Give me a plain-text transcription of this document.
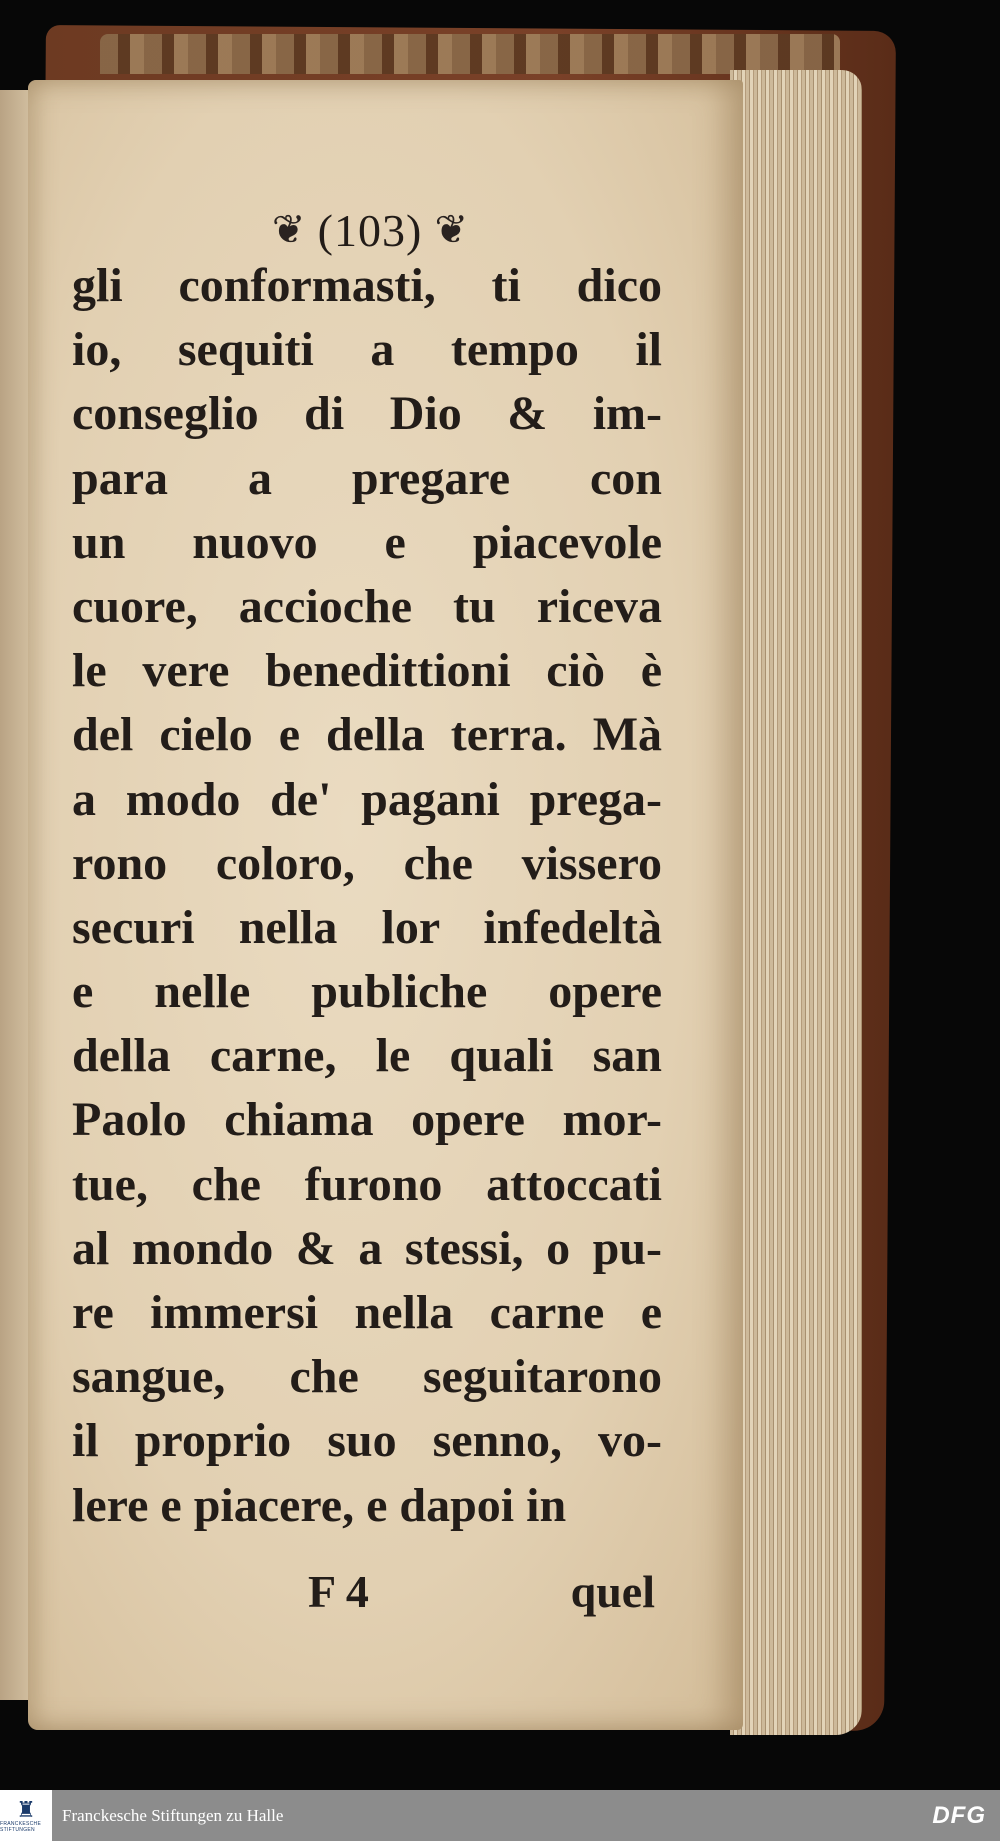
❦ (103) ❦
gli conformasti, ti dico
io, sequiti a tempo il
conseglio di Dio & im-
para a pregare con
un nuovo e piacevole
cuore, accioche tu riceva
le vere benedittioni ciò è
del cielo e della terra. Mà
a modo de' pagani prega-
rono coloro, che vissero
securi nella lor infedeltà
e nelle publiche opere
della carne, le quali san
Paolo chiama opere mor-
tue, che furono attoccati
al mondo & a stessi, o pu-
re immersi nella carne e
sangue, che seguitarono
il proprio suo senno, vo-
lere e piacere, e dapoi in
F 4	quel
♜
FRANCKESCHE STIFTUNGEN
Franckesche Stiftungen zu Halle	DFG
